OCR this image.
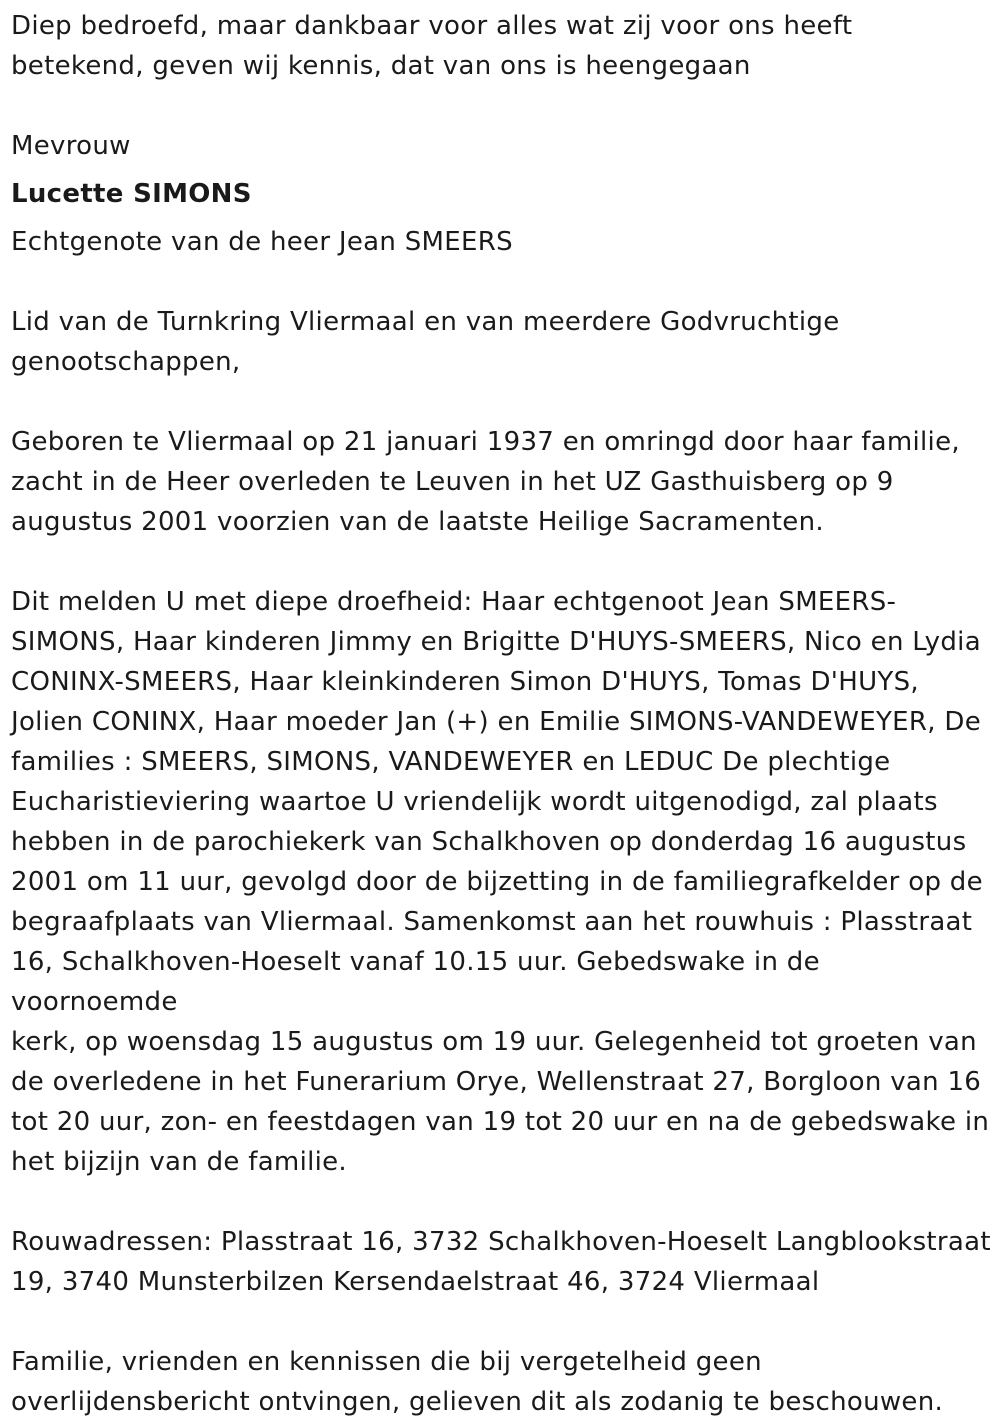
Diep bedroefd, maar dankbaar voor alles wat zij voor ons heeft
betekend, geven wij kennis, dat van ons is heengegaan

Mevrouw

Lucette SIMONS

Echtgenote van de heer Jean SMEERS

Lid van de Turnkring Vliermaal en van meerdere Godvruchtige
genootschappen,

Geboren te Vliermaal op 21 januari 1937 en omringd door haar familie,
zacht in de Heer overleden te Leuven in het UZ Gasthuisberg op 9
augustus 2001 voorzien van de laatste Heilige Sacramenten.

Dit melden U met diepe droefheid: Haar echtgenoot Jean SMEERS-
SIMONS, Haar kinderen Jimmy en Brigitte D'HUYS-SMEERS, Nico en Lydia
CONINX-SMEERS, Haar kleinkinderen Simon D'HUYS, Tomas D'HUYS,
Jolien CONINX, Haar moeder Jan (+) en Emilie SIMONS-VANDEWEYER, De
families : SMEERS, SIMONS, VANDEWEYER en LEDUC De plechtige
Eucharistieviering waartoe U vriendelijk wordt uitgenodigd, zal plaats
hebben in de parochiekerk van Schalkhoven op donderdag 16 augustus
2001 om 11 uur, gevolgd door de bijzetting in de familiegrafkelder op de
begraafplaats van Vliermaal. Samenkomst aan het rouwhuis : Plasstraat
16, Schalkhoven-Hoeselt vanaf 10.15 uur. Gebedswake in de voornoemde
kerk, op woensdag 15 augustus om 19 uur. Gelegenheid tot groeten van
de overledene in het Funerarium Orye, Wellenstraat 27, Borgloon van 16
tot 20 uur, zon- en feestdagen van 19 tot 20 uur en na de gebedswake in
het bijzijn van de familie.

Rouwadressen: Plasstraat 16, 3732 Schalkhoven-Hoeselt Langblookstraat
19, 3740 Munsterbilzen Kersendaelstraat 46, 3724 Vliermaal

Familie, vrienden en kennissen die bij vergetelheid geen
overlijdensbericht ontvingen, gelieven dit als zodanig te beschouwen.
